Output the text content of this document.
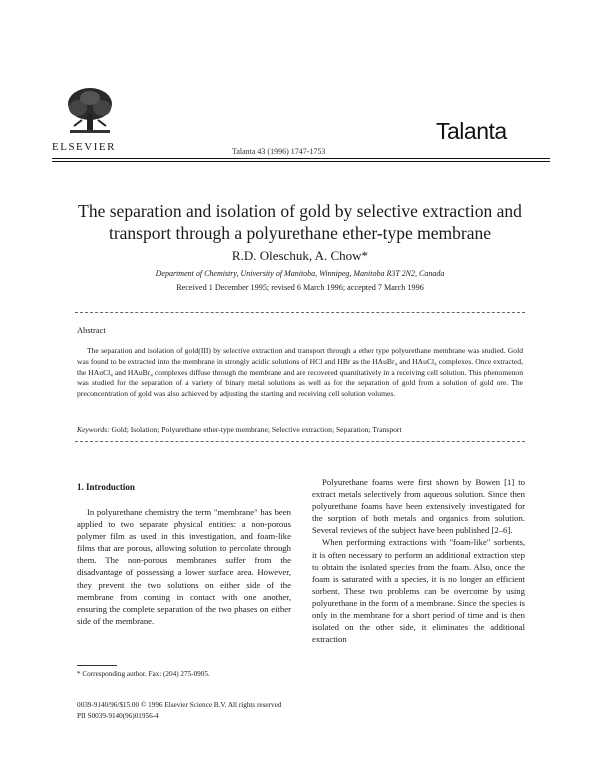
ELSEVIER
Talanta
Talanta 43 (1996) 1747-1753
The separation and isolation of gold by selective extraction and transport through a polyurethane ether-type membrane
R.D. Oleschuk, A. Chow*
Department of Chemistry, University of Manitoba, Winnipeg, Manitoba R3T 2N2, Canada
Received 1 December 1995; revised 6 March 1996; accepted 7 March 1996
Abstract

The separation and isolation of gold(III) by selective extraction and transport through a ether type polyurethane membrane was studied. Gold was found to be extracted into the membrane in strongly acidic solutions of HCl and HBr as the HAuBr₄ and HAuCl₄ complexes. Once extracted, the HAuCl₄ and HAuBr₄ complexes diffuse through the membrane and are recovered quantitatively in a receiving cell solution. This phenomenon was studied for the separation of a variety of binary metal solutions as well as for the separation of gold from a solution of gold ore. The preconcentration of gold was also achieved by adjusting the starting and receiving cell solution volumes.

Keywords: Gold; Isolation; Polyurethane ether-type membrane; Selective extraction; Separation; Transport
1. Introduction

In polyurethane chemistry the term "membrane" has been applied to two separate physical entities: a non-porous polymer film as used in this investigation, and foam-like films that are porous, allowing solution to percolate through them. The non-porous membranes suffer from the disadvantage of possessing a lower surface area. However, they prevent the two solutions on either side of the membrane from coming in contact with one another, ensuring the complete separation of the two phases on either side of the membrane.

Polyurethane foams were first shown by Bowen [1] to extract metals selectively from aqueous solution. Since then polyurethane foams have been extensively investigated for the sorption of both metals and organics from solution. Several reviews of the subject have been published [2–6].

When performing extractions with "foam-like" sorbents, it is often necessary to perform an additional extraction step to obtain the isolated species from the foam. Also, once the foam is saturated with a species, it is no longer an efficient sorbent. These two problems can be overcome by using polyurethane in the form of a membrane. Since the species is only in the membrane for a short period of time and is then isolated on the other side, it eliminates the additional extraction

* Corresponding author. Fax: (204) 275-0905.
0039-9140/96/$15.00 © 1996 Elsevier Science B.V. All rights reserved
PII S0039-9140(96)01956-4
